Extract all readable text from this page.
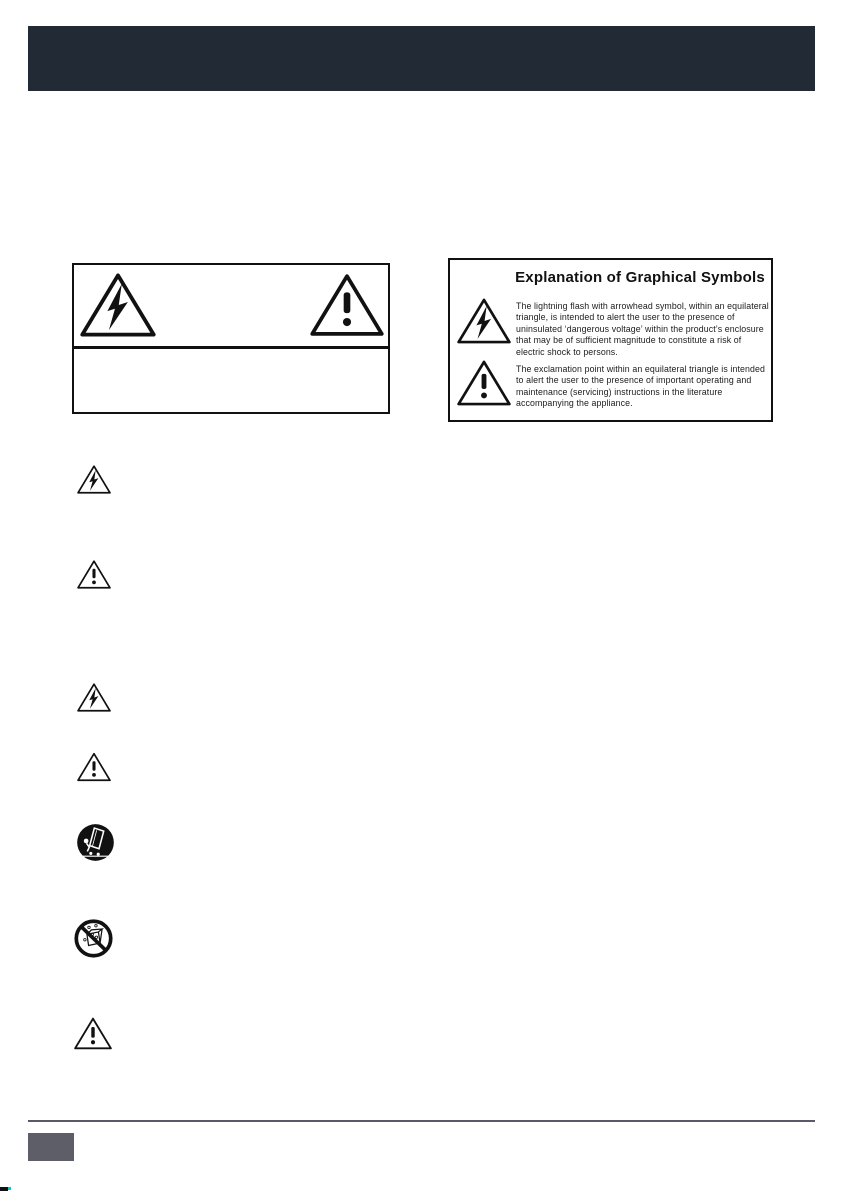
Explanation of Graphical Symbols
The lightning flash with arrowhead symbol, within an equilateral triangle, is intended to alert the user to the presence of uninsulated ‘dangerous voltage’ within the product’s enclosure that may be of sufficient magnitude to constitute a risk of electric shock to persons.
The exclamation point within an equilateral triangle is intended to alert the user to the presence of important operating and maintenance (servicing) instructions in the literature accompanying the appliance.
